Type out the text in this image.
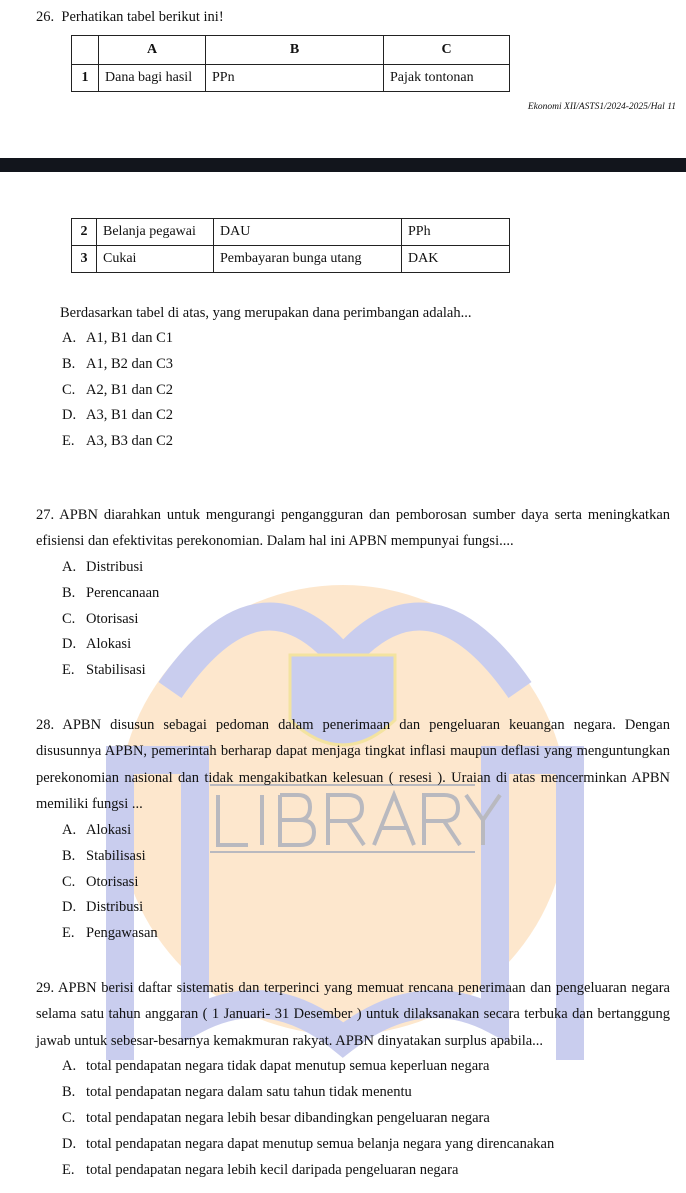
26. Perhatikan tabel berikut ini!
	A	B	C
1	Dana bagi hasil	PPn	Pajak tontonan
Ekonomi XII/ASTS1/2024-2025/Hal 11
2	Belanja pegawai	DAU	PPh
3	Cukai	Pembayaran bunga utang	DAK
Berdasarkan tabel di atas, yang merupakan dana perimbangan adalah...
A. A1, B1 dan C1
B. A1, B2 dan C3
C. A2, B1 dan C2
D. A3, B1 dan C2
E. A3, B3 dan C2
27. APBN diarahkan untuk mengurangi pengangguran dan pemborosan sumber daya serta meningkatkan efisiensi dan efektivitas perekonomian. Dalam hal ini APBN mempunyai fungsi....
A. Distribusi
B. Perencanaan
C. Otorisasi
D. Alokasi
E. Stabilisasi
28. APBN disusun sebagai pedoman dalam penerimaan dan pengeluaran keuangan negara. Dengan disusunnya APBN, pemerintah berharap dapat menjaga tingkat inflasi maupun deflasi yang menguntungkan perekonomian nasional dan tidak mengakibatkan kelesuan ( resesi ). Uraian di atas mencerminkan APBN memiliki fungsi ...
A. Alokasi
B. Stabilisasi
C. Otorisasi
D. Distribusi
E. Pengawasan
29. APBN berisi daftar sistematis dan terperinci yang memuat rencana penerimaan dan pengeluaran negara selama satu tahun anggaran ( 1 Januari- 31 Desember ) untuk dilaksanakan secara terbuka dan bertanggung jawab untuk sebesar-besarnya kemakmuran rakyat. APBN dinyatakan surplus apabila...
A. total pendapatan negara tidak dapat menutup semua keperluan negara
B. total pendapatan negara dalam satu tahun tidak menentu
C. total pendapatan negara lebih besar dibandingkan pengeluaran negara
D. total pendapatan negara dapat menutup semua belanja negara yang direncanakan
E. total pendapatan negara lebih kecil daripada pengeluaran negara
